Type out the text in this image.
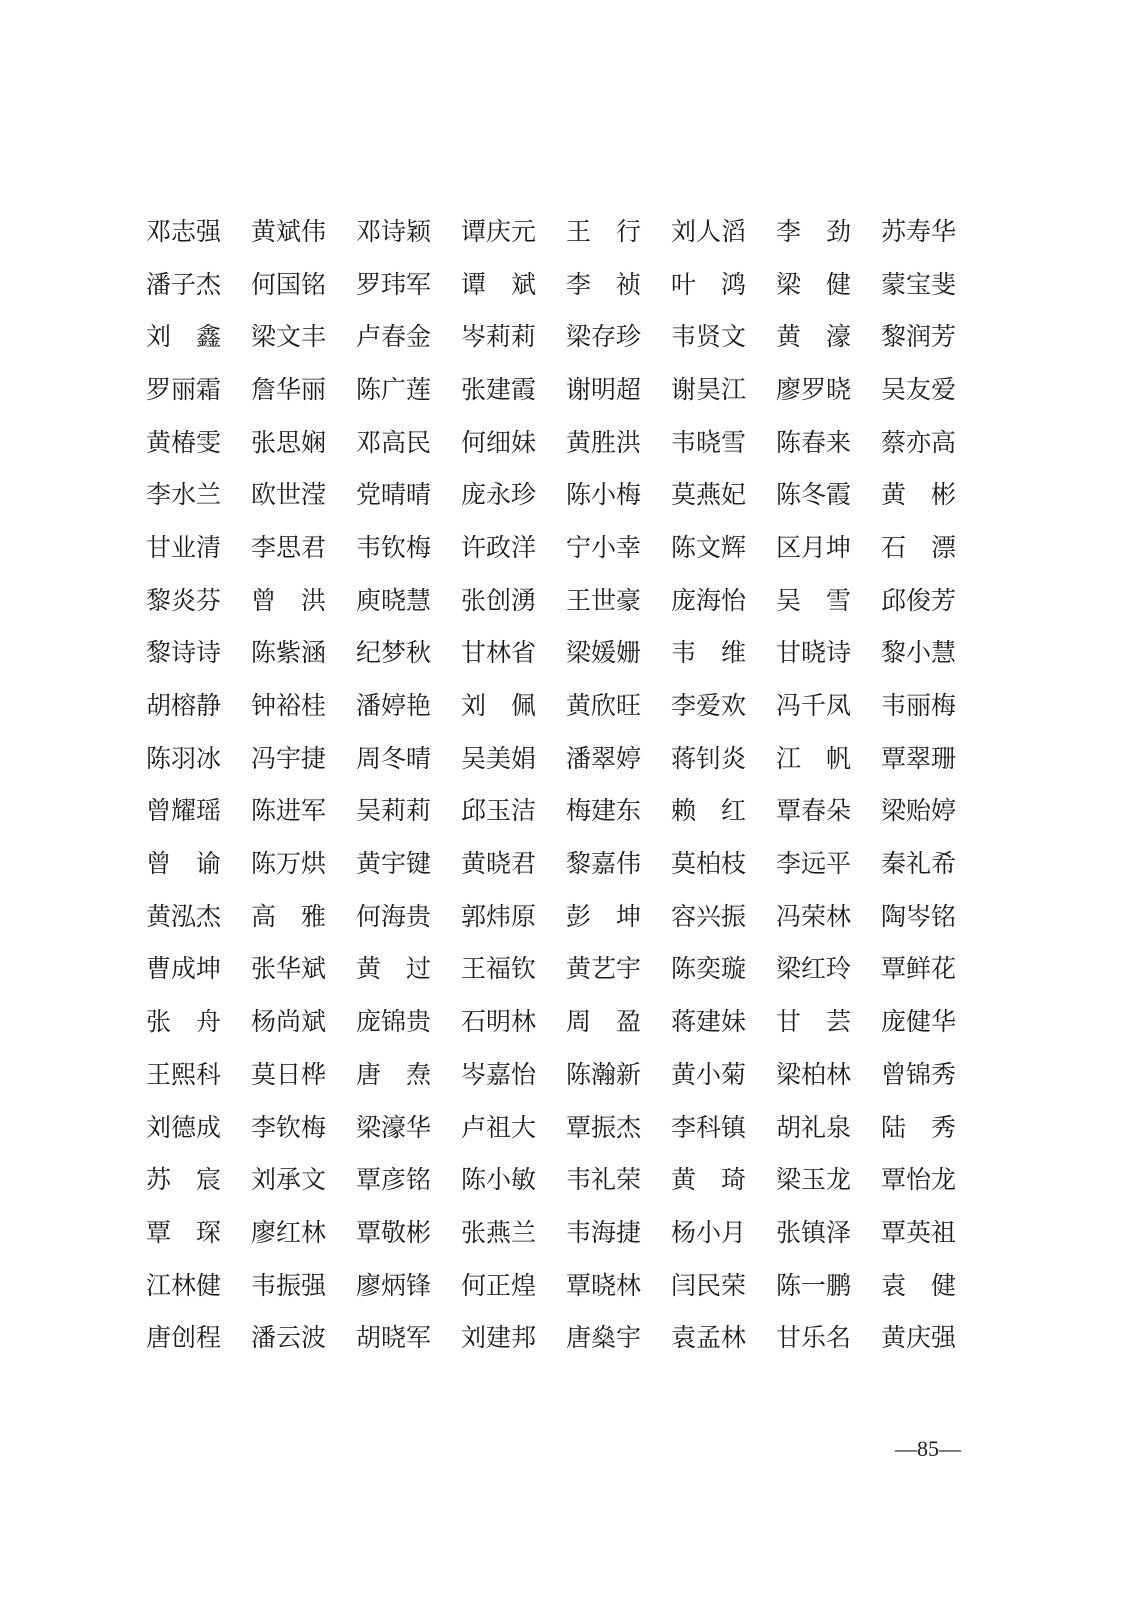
邓志强	黄斌伟	邓诗颖	谭庆元	王　行	刘人滔	李　劲	苏寿华
潘子杰	何国铭	罗玮军	谭　斌	李　祯	叶　鸿	梁　健	蒙宝斐
刘　鑫	梁文丰	卢春金	岑莉莉	梁存珍	韦贤文	黄　濠	黎润芳
罗丽霜	詹华丽	陈广莲	张建霞	谢明超	谢昊江	廖罗晓	吴友爱
黄椿雯	张思娴	邓高民	何细妹	黄胜洪	韦晓雪	陈春来	蔡亦高
李水兰	欧世滢	党晴晴	庞永珍	陈小梅	莫燕妃	陈冬霞	黄　彬
甘业清	李思君	韦钦梅	许政洋	宁小幸	陈文辉	区月坤	石　漂
黎炎芬	曾　洪	庾晓慧	张创湧	王世豪	庞海怡	吴　雪	邱俊芳
黎诗诗	陈紫涵	纪梦秋	甘林省	梁媛姗	韦　维	甘晓诗	黎小慧
胡榕静	钟裕桂	潘婷艳	刘　佩	黄欣旺	李爱欢	冯千凤	韦丽梅
陈羽冰	冯宇捷	周冬晴	吴美娟	潘翠婷	蒋钊炎	江　帆	覃翠珊
曾耀瑶	陈进军	吴莉莉	邱玉洁	梅建东	赖　红	覃春朵	梁贻婷
曾　谕	陈万烘	黄宇键	黄晓君	黎嘉伟	莫柏枝	李远平	秦礼希
黄泓杰	高　雅	何海贵	郭炜原	彭　坤	容兴振	冯荣林	陶岑铭
曹成坤	张华斌	黄　过	王福钦	黄艺宇	陈奕璇	梁红玲	覃鲜花
张　舟	杨尚斌	庞锦贵	石明林	周　盈	蒋建妹	甘　芸	庞健华
王熙科	莫日桦	唐　焘	岑嘉怡	陈瀚新	黄小菊	梁柏林	曾锦秀
刘德成	李钦梅	梁濠华	卢祖大	覃振杰	李科镇	胡礼泉	陆　秀
苏　宸	刘承文	覃彦铭	陈小敏	韦礼荣	黄　琦	梁玉龙	覃怡龙
覃　琛	廖红林	覃敬彬	张燕兰	韦海捷	杨小月	张镇泽	覃英祖
江林健	韦振强	廖炳锋	何正煌	覃晓林	闫民荣	陈一鹏	袁　健
唐创程	潘云波	胡晓军	刘建邦	唐燊宇	袁孟林	甘乐名	黄庆强
—85—
